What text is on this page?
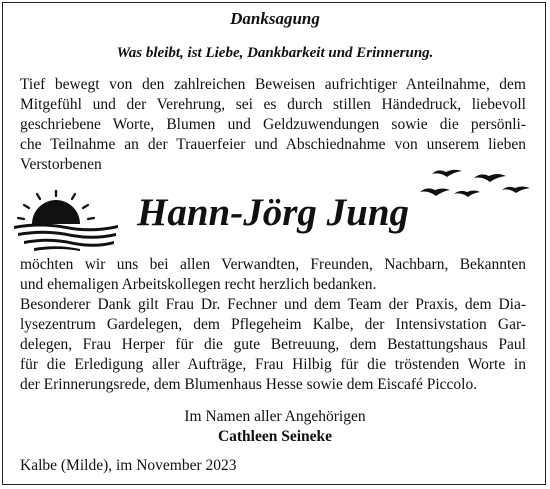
Danksagung
Was bleibt, ist Liebe, Dankbarkeit und Erinnerung.
Tief bewegt von den zahlreichen Beweisen aufrichtiger Anteilnahme, dem
Mitgefühl und der Verehrung, sei es durch stillen Händedruck, liebevoll
geschriebene Worte, Blumen und Geldzuwendungen sowie die persönli-
che Teilnahme an der Trauerfeier und Abschiednahme von unserem lieben
Verstorbenen
Hann-Jörg Jung
möchten wir uns bei allen Verwandten, Freunden, Nachbarn, Bekannten
und ehemaligen Arbeitskollegen recht herzlich bedanken.
Besonderer Dank gilt Frau Dr. Fechner und dem Team der Praxis, dem Dia-
lysezentrum Gardelegen, dem Pflegeheim Kalbe, der Intensivstation Gar-
delegen, Frau Herper für die gute Betreuung, dem Bestattungshaus Paul
für die Erledigung aller Aufträge, Frau Hilbig für die tröstenden Worte in
der Erinnerungsrede, dem Blumenhaus Hesse sowie dem Eiscafé Piccolo.
Im Namen aller Angehörigen
Cathleen Seineke
Kalbe (Milde), im November 2023
